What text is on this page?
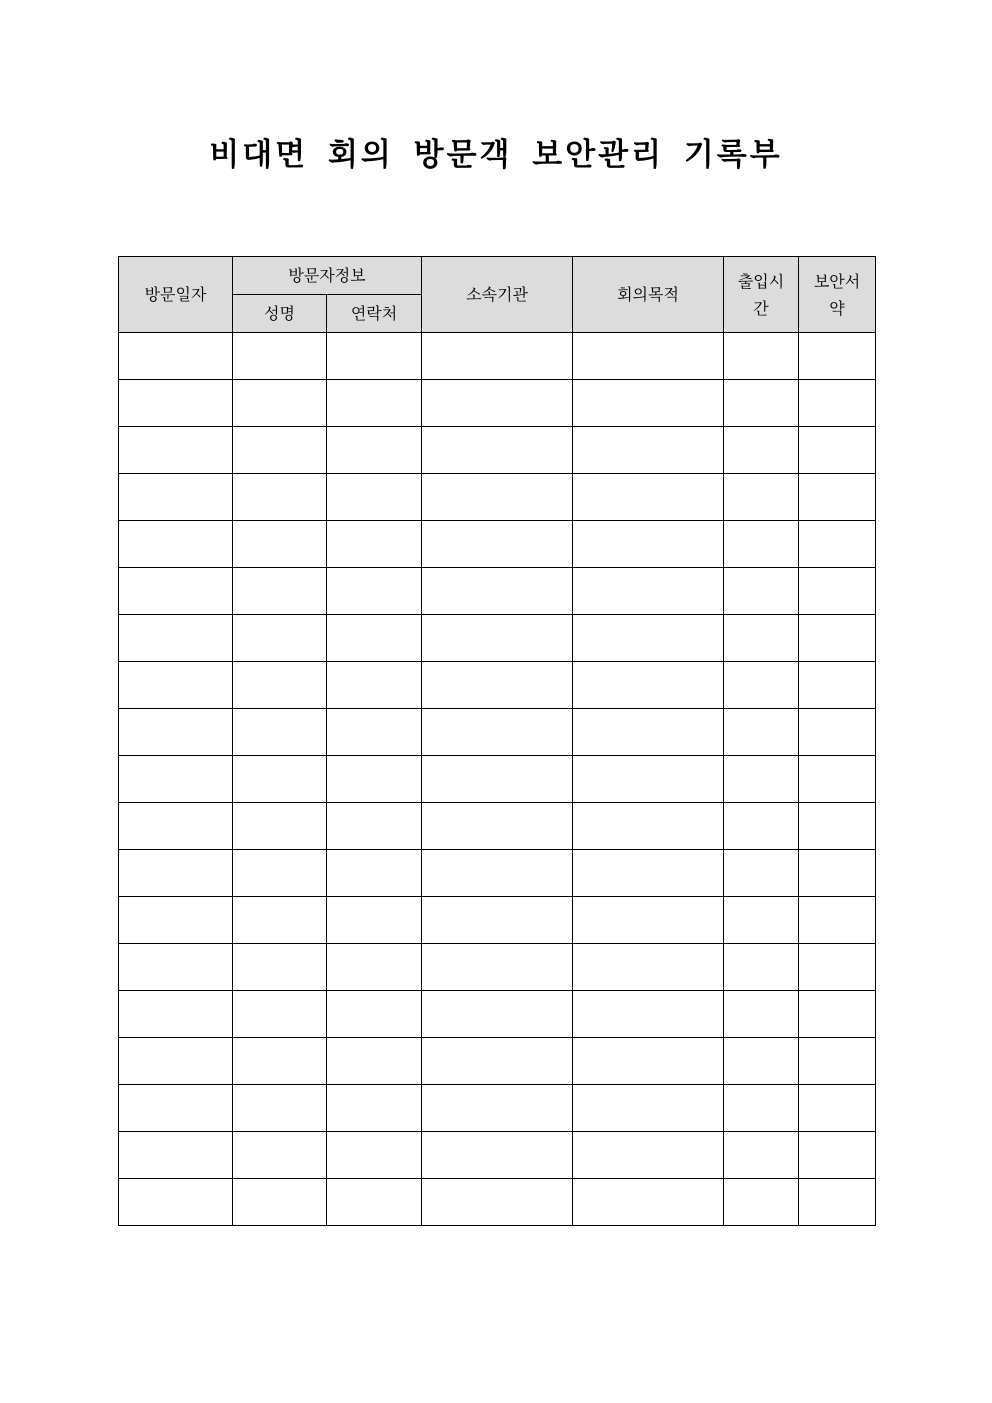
비대면 회의 방문객 보안관리 기록부
방문일자	방문자정보		소속기관	회의목적	출입시간	보안서약
	성명	연락처				
